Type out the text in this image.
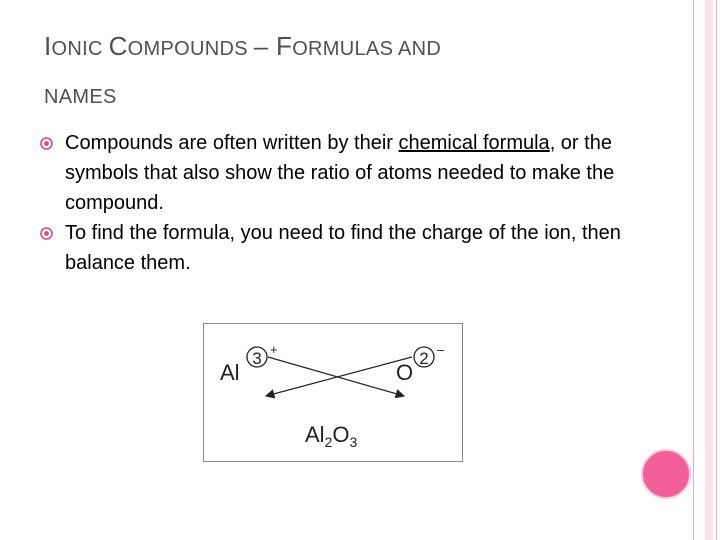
IONIC COMPOUNDS – FORMULAS AND
NAMES
Compounds are often written by their chemical formula, or the symbols that also show the ratio of atoms needed to make the compound.
To find the formula, you need to find the charge of the ion, then balance them.
Al
3 +
O
2 –
$Al_2O_3$
